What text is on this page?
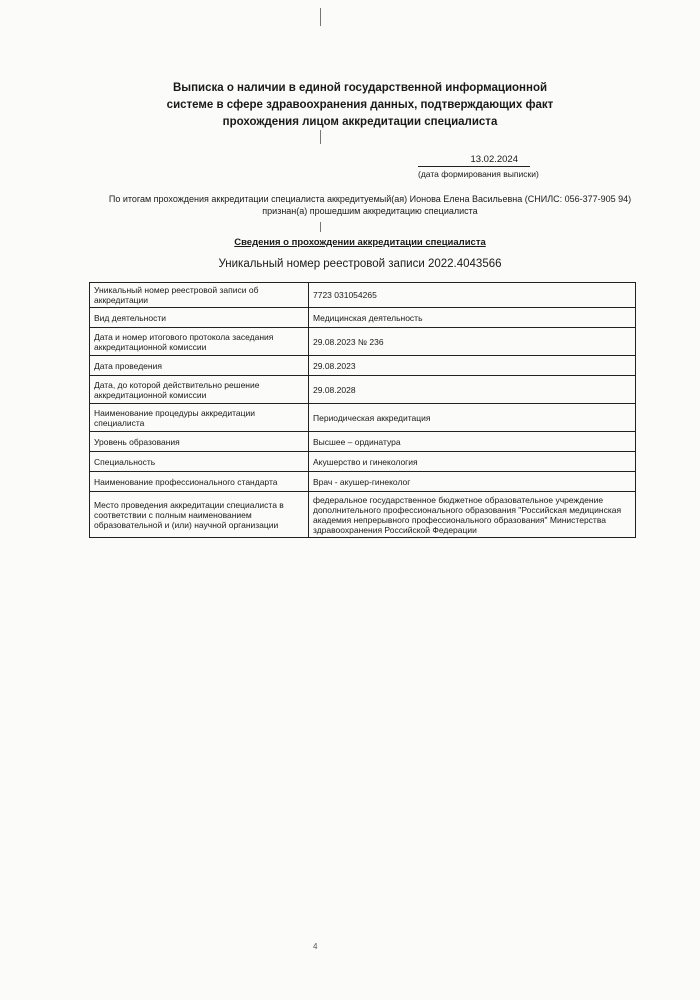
Выписка о наличии в единой государственной информационной
системе в сфере здравоохранения данных, подтверждающих факт
прохождения лицом аккредитации специалиста
13.02.2024
(дата формирования выписки)
По итогам прохождения аккредитации специалиста аккредитуемый(ая) Ионова Елена Васильевна (СНИЛС: 056-377-905 94)
признан(а) прошедшим аккредитацию специалиста
Сведения о прохождении аккредитации специалиста
Уникальный номер реестровой записи 2022.4043566
Уникальный номер реестровой записи об аккредитации	7723 031054265
Вид деятельности	Медицинская деятельность
Дата и номер итогового протокола заседания аккредитационной комиссии	29.08.2023 № 236
Дата проведения	29.08.2023
Дата, до которой действительно решение аккредитационной комиссии	29.08.2028
Наименование процедуры аккредитации специалиста	Периодическая аккредитация
Уровень образования	Высшее – ординатура
Специальность	Акушерство и гинекология
Наименование профессионального стандарта	Врач - акушер-гинеколог
Место проведения аккредитации специалиста в соответствии с полным наименованием образовательной и (или) научной организации	федеральное государственное бюджетное образовательное учреждение дополнительного профессионального образования "Российская медицинская академия непрерывного профессионального образования" Министерства здравоохранения Российской Федерации
4
